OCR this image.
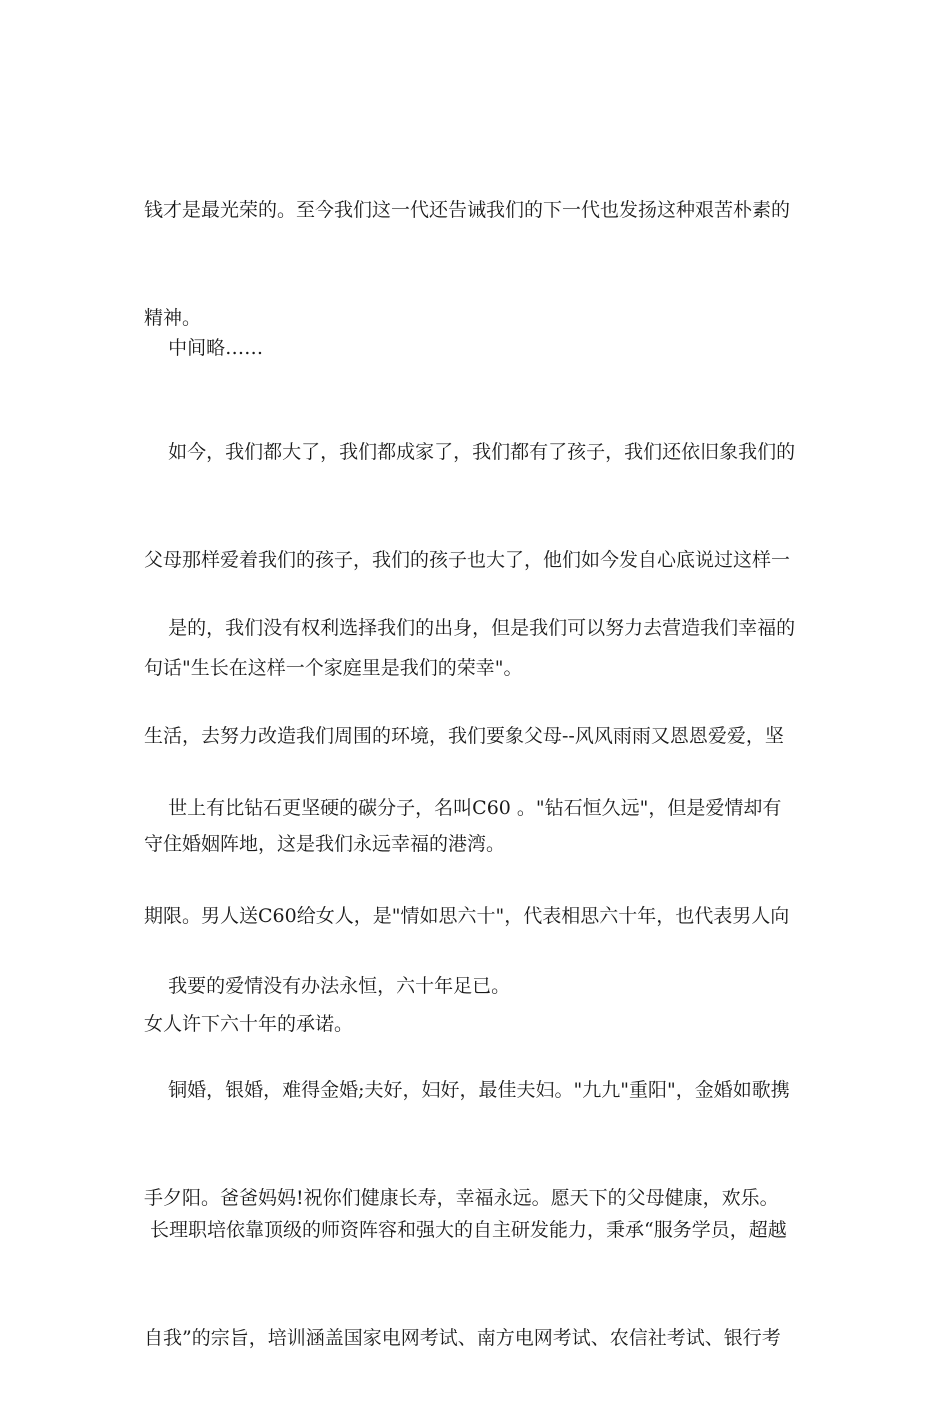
钱才是最光荣的。至今我们这一代还告诫我们的下一代也发扬这种艰苦朴素的

精神。

中间略……

如今，我们都大了，我们都成家了，我们都有了孩子，我们还依旧象我们的

父母那样爱着我们的孩子，我们的孩子也大了，他们如今发自心底说过这样一

句话"生长在这样一个家庭里是我们的荣幸"。

是的，我们没有权利选择我们的出身，但是我们可以努力去营造我们幸福的

生活，去努力改造我们周围的环境，我们要象父母--风风雨雨又恩恩爱爱，坚

守住婚姻阵地，这是我们永远幸福的港湾。

世上有比钻石更坚硬的碳分子，名叫C60 。"钻石恒久远"，但是爱情却有

期限。男人送C60给女人，是"情如思六十"，代表相思六十年，也代表男人向

女人许下六十年的承诺。

我要的爱情没有办法永恒，六十年足已。

铜婚，银婚，难得金婚;夫好，妇好，最佳夫妇。"九九"重阳"，金婚如歌携

手夕阳。爸爸妈妈!祝你们健康长寿，幸福永远。愿天下的父母健康，欢乐。

长理职培依靠顶级的师资阵容和强大的自主研发能力，秉承“服务学员，超越

自我”的宗旨，培训涵盖国家电网考试、南方电网考试、农信社考试、银行考
